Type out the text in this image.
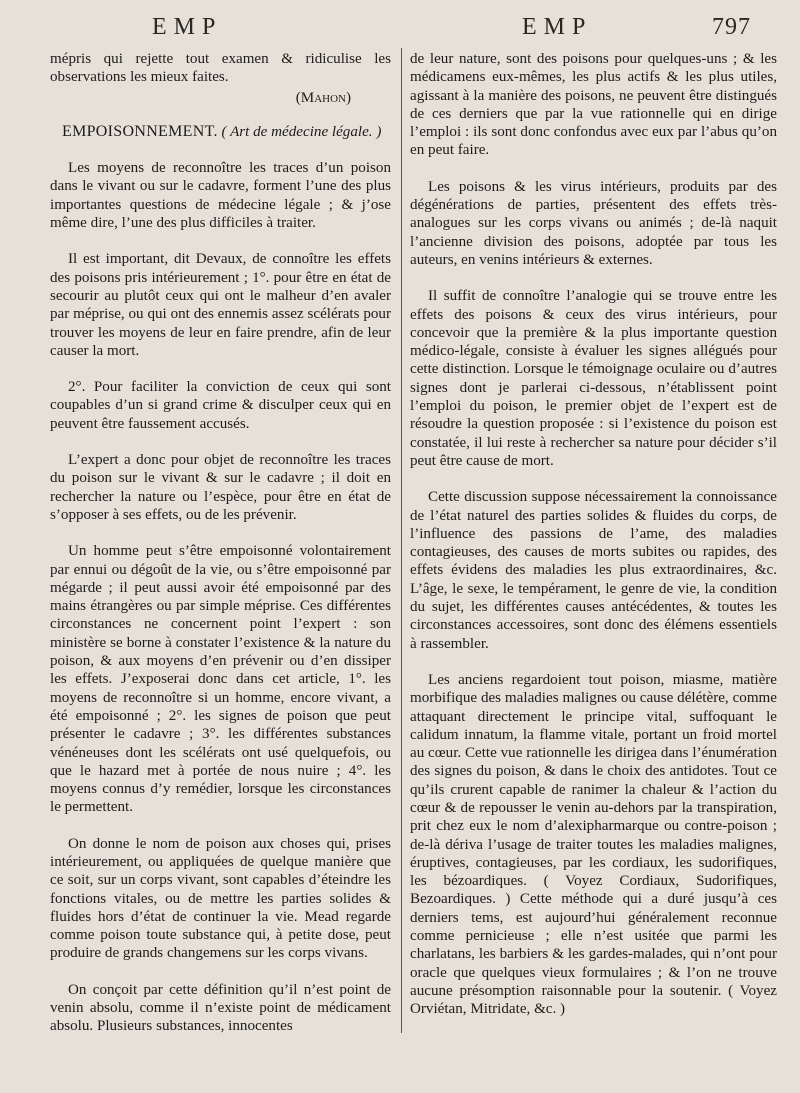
EMP	EMP	797

mépris qui rejette tout examen & ridiculise les observations les mieux faites.

(Mahon)

EMPOISONNEMENT. ( Art de médecine légale. )

Les moyens de reconnoître les traces d’un poison dans le vivant ou sur le cadavre, forment l’une des plus importantes questions de médecine légale ; & j’ose même dire, l’une des plus difficiles à traiter.

Il est important, dit Devaux, de connoître les effets des poisons pris intérieurement ; 1°. pour être en état de secourir au plutôt ceux qui ont le malheur d’en avaler par méprise, ou qui ont des ennemis assez scélérats pour trouver les moyens de leur en faire prendre, afin de leur causer la mort.

2°. Pour faciliter la conviction de ceux qui sont coupables d’un si grand crime & disculper ceux qui en peuvent être faussement accusés.

L’expert a donc pour objet de reconnoître les traces du poison sur le vivant & sur le cadavre ; il doit en rechercher la nature ou l’espèce, pour être en état de s’opposer à ses effets, ou de les prévenir.

Un homme peut s’être empoisonné volontairement par ennui ou dégoût de la vie, ou s’être empoisonné par mégarde ; il peut aussi avoir été empoisonné par des mains étrangères ou par simple méprise. Ces différentes circonstances ne concernent point l’expert : son ministère se borne à constater l’existence & la nature du poison, & aux moyens d’en prévenir ou d’en dissiper les effets. J’exposerai donc dans cet article, 1°. les moyens de reconnoître si un homme, encore vivant, a été empoisonné ; 2°. les signes de poison que peut présenter le cadavre ; 3°. les différentes substances vénéneuses dont les scélérats ont usé quelquefois, ou que le hazard met à portée de nous nuire ; 4°. les moyens connus d’y remédier, lorsque les circonstances le permettent.

On donne le nom de poison aux choses qui, prises intérieurement, ou appliquées de quelque manière que ce soit, sur un corps vivant, sont capables d’éteindre les fonctions vitales, ou de mettre les parties solides & fluides hors d’état de continuer la vie. Mead regarde comme poison toute substance qui, à petite dose, peut produire de grands changemens sur les corps vivans.

On conçoit par cette définition qu’il n’est point de venin absolu, comme il n’existe point de médicament absolu. Plusieurs substances, innocentes

de leur nature, sont des poisons pour quelques-uns ; & les médicamens eux-mêmes, les plus actifs & les plus utiles, agissant à la manière des poisons, ne peuvent être distingués de ces derniers que par la vue rationnelle qui en dirige l’emploi : ils sont donc confondus avec eux par l’abus qu’on en peut faire.

Les poisons & les virus intérieurs, produits par des dégénérations de parties, présentent des effets très-analogues sur les corps vivans ou animés ; de-là naquit l’ancienne division des poisons, adoptée par tous les auteurs, en venins intérieurs & externes.

Il suffit de connoître l’analogie qui se trouve entre les effets des poisons & ceux des virus intérieurs, pour concevoir que la première & la plus importante question médico-légale, consiste à évaluer les signes allégués pour cette distinction. Lorsque le témoignage oculaire ou d’autres signes dont je parlerai ci-dessous, n’établissent point l’emploi du poison, le premier objet de l’expert est de résoudre la question proposée : si l’existence du poison est constatée, il lui reste à rechercher sa nature pour décider s’il peut être cause de mort.

Cette discussion suppose nécessairement la connoissance de l’état naturel des parties solides & fluides du corps, de l’influence des passions de l’ame, des maladies contagieuses, des causes de morts subites ou rapides, des effets évidens des maladies les plus extraordinaires, &c. L’âge, le sexe, le tempérament, le genre de vie, la condition du sujet, les différentes causes antécédentes, & toutes les circonstances accessoires, sont donc des élémens essentiels à rassembler.

Les anciens regardoient tout poison, miasme, matière morbifique des maladies malignes ou cause délétère, comme attaquant directement le principe vital, suffoquant le calidum innatum, la flamme vitale, portant un froid mortel au cœur. Cette vue rationnelle les dirigea dans l’énumération des signes du poison, & dans le choix des antidotes. Tout ce qu’ils crurent capable de ranimer la chaleur & l’action du cœur & de repousser le venin au-dehors par la transpiration, prit chez eux le nom d’alexipharmarque ou contre-poison ; de-là dériva l’usage de traiter toutes les maladies malignes, éruptives, contagieuses, par les cordiaux, les sudorifiques, les bézoardiques. ( Voyez Cordiaux, Sudorifiques, Bezoardiques. ) Cette méthode qui a duré jusqu’à ces derniers tems, est aujourd’hui généralement reconnue comme pernicieuse ; elle n’est usitée que parmi les charlatans, les barbiers & les gardes-malades, qui n’ont pour oracle que quelques vieux formulaires ; & l’on ne trouve aucune présomption raisonnable pour la soutenir. ( Voyez Orviétan, Mitridate, &c. )
